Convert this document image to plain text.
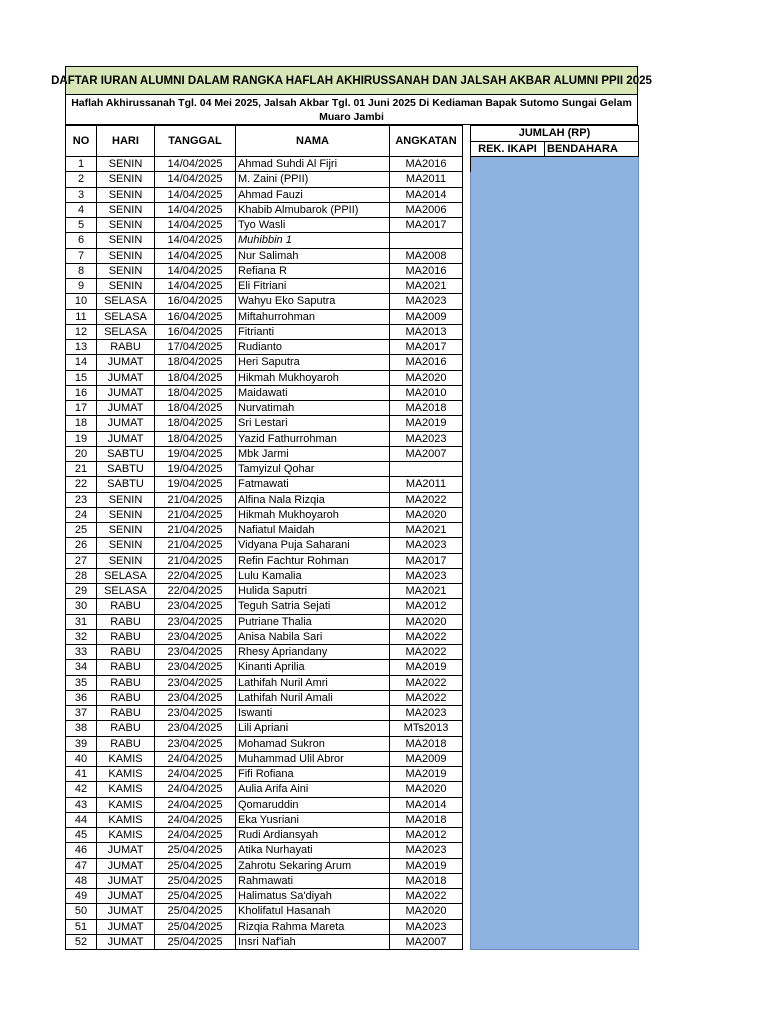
DAFTAR IURAN ALUMNI DALAM RANGKA HAFLAH AKHIRUSSANAH DAN JALSAH AKBAR ALUMNI PPII 2025
Haflah Akhirussanah Tgl. 04 Mei 2025, Jalsah Akbar Tgl. 01 Juni 2025 Di Kediaman Bapak Sutomo Sungai Gelam
Muaro Jambi
NO	HARI	TANGGAL	NAMA	ANGKATAN		JUMLAH (RP)	
						REK. IKAPI	BENDAHARA
1	SENIN	14/04/2025	Ahmad Suhdi Al Fijri	MA2016			
2	SENIN	14/04/2025	M. Zaini (PPII)	MA2011			
3	SENIN	14/04/2025	Ahmad Fauzi	MA2014			
4	SENIN	14/04/2025	Khabib Almubarok (PPII)	MA2006			
5	SENIN	14/04/2025	Tyo Wasli	MA2017			
6	SENIN	14/04/2025	Muhibbin 1				
7	SENIN	14/04/2025	Nur Salimah	MA2008			
8	SENIN	14/04/2025	Refiana R	MA2016			
9	SENIN	14/04/2025	Eli Fitriani	MA2021			
10	SELASA	16/04/2025	Wahyu Eko Saputra	MA2023			
11	SELASA	16/04/2025	Miftahurrohman	MA2009			
12	SELASA	16/04/2025	Fitrianti	MA2013			
13	RABU	17/04/2025	Rudianto	MA2017			
14	JUMAT	18/04/2025	Heri Saputra	MA2016			
15	JUMAT	18/04/2025	Hikmah Mukhoyaroh	MA2020			
16	JUMAT	18/04/2025	Maidawati	MA2010			
17	JUMAT	18/04/2025	Nurvatimah	MA2018			
18	JUMAT	18/04/2025	Sri Lestari	MA2019			
19	JUMAT	18/04/2025	Yazid Fathurrohman	MA2023			
20	SABTU	19/04/2025	Mbk Jarmi	MA2007			
21	SABTU	19/04/2025	Tamyizul Qohar				
22	SABTU	19/04/2025	Fatmawati	MA2011			
23	SENIN	21/04/2025	Alfina Nala Rizqia	MA2022			
24	SENIN	21/04/2025	Hikmah Mukhoyaroh	MA2020			
25	SENIN	21/04/2025	Nafiatul Maidah	MA2021			
26	SENIN	21/04/2025	Vidyana Puja Saharani	MA2023			
27	SENIN	21/04/2025	Refin Fachtur Rohman	MA2017			
28	SELASA	22/04/2025	Lulu Kamalia	MA2023			
29	SELASA	22/04/2025	Hulida Saputri	MA2021			
30	RABU	23/04/2025	Teguh Satria Sejati	MA2012			
31	RABU	23/04/2025	Putriane Thalia	MA2020			
32	RABU	23/04/2025	Anisa Nabila Sari	MA2022			
33	RABU	23/04/2025	Rhesy Apriandany	MA2022			
34	RABU	23/04/2025	Kinanti Aprilia	MA2019			
35	RABU	23/04/2025	Lathifah Nuril Amri	MA2022			
36	RABU	23/04/2025	Lathifah Nuril Amali	MA2022			
37	RABU	23/04/2025	Iswanti	MA2023			
38	RABU	23/04/2025	Lili Apriani	MTs2013			
39	RABU	23/04/2025	Mohamad Sukron	MA2018			
40	KAMIS	24/04/2025	Muhammad Ulil Abror	MA2009			
41	KAMIS	24/04/2025	Fifi Rofiana	MA2019			
42	KAMIS	24/04/2025	Aulia Arifa Aini	MA2020			
43	KAMIS	24/04/2025	Qomaruddin	MA2014			
44	KAMIS	24/04/2025	Eka Yusriani	MA2018			
45	KAMIS	24/04/2025	Rudi Ardiansyah	MA2012			
46	JUMAT	25/04/2025	Atika Nurhayati	MA2023			
47	JUMAT	25/04/2025	Zahrotu Sekaring Arum	MA2019			
48	JUMAT	25/04/2025	Rahmawati	MA2018			
49	JUMAT	25/04/2025	Halimatus Sa'diyah	MA2022			
50	JUMAT	25/04/2025	Kholifatul Hasanah	MA2020			
51	JUMAT	25/04/2025	Rizqia Rahma Mareta	MA2023			
52	JUMAT	25/04/2025	Insri Naf'iah	MA2007			
